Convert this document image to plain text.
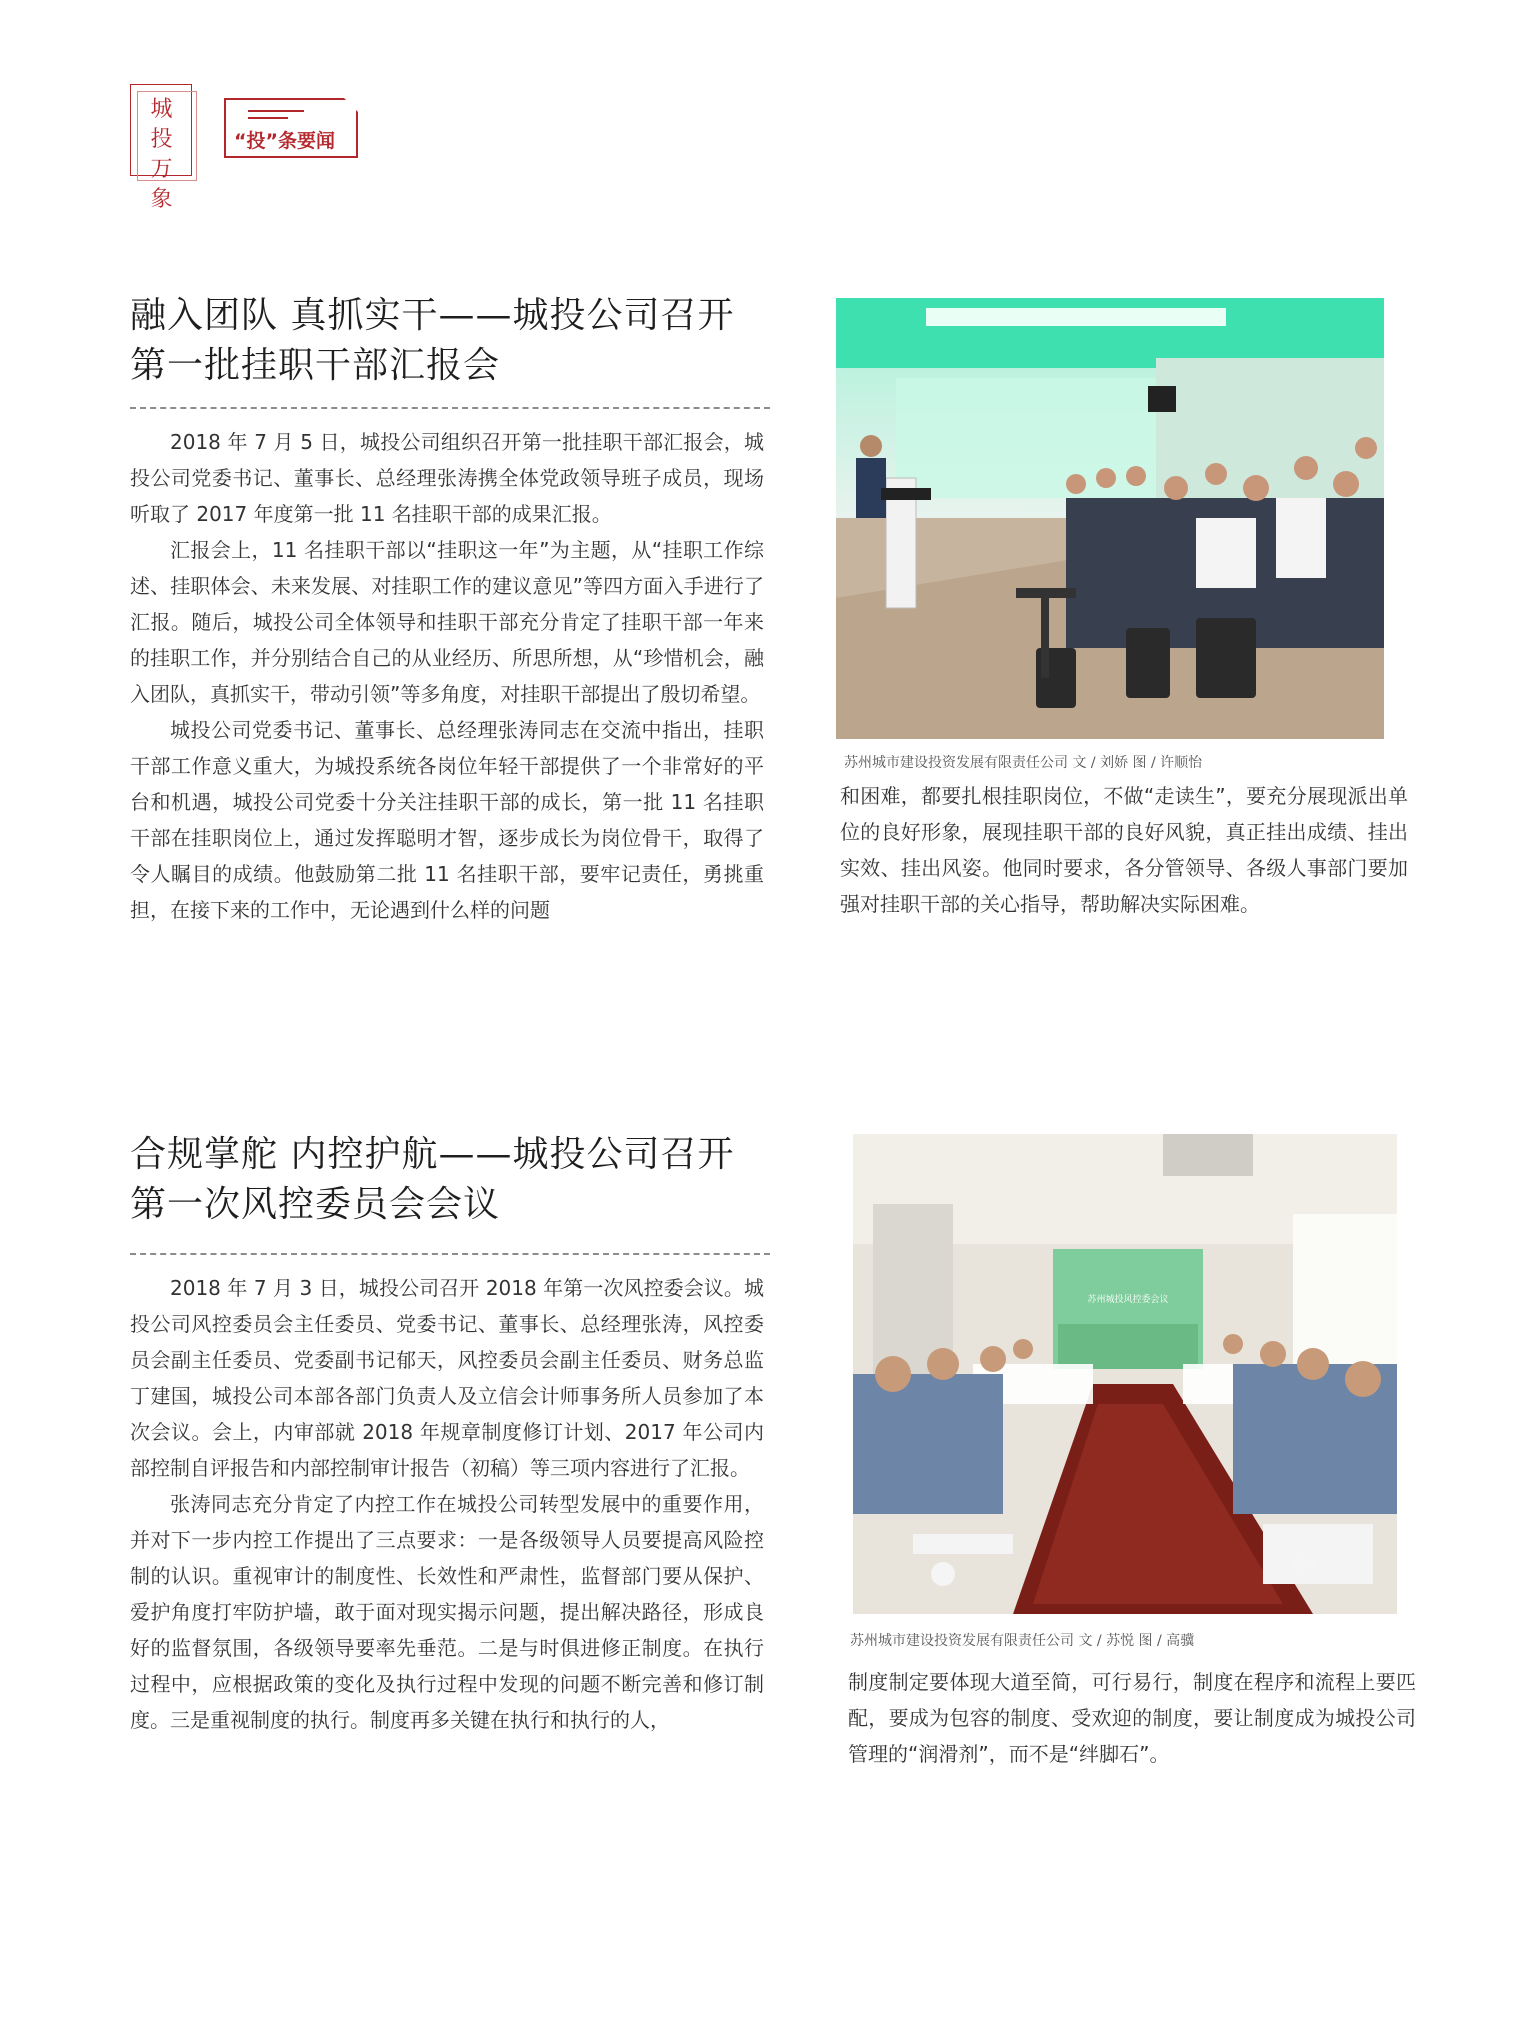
城投
万象
“投”条要闻
融入团队 真抓实干——城投公司召开
第一批挂职干部汇报会

2018 年 7 月 5 日，城投公司组织召开第一批挂职干部汇报会，城投公司党委书记、董事长、总经理张涛携全体党政领导班子成员，现场听取了 2017 年度第一批 11 名挂职干部的成果汇报。

汇报会上，11 名挂职干部以“挂职这一年”为主题，从“挂职工作综述、挂职体会、未来发展、对挂职工作的建议意见”等四方面入手进行了汇报。随后，城投公司全体领导和挂职干部充分肯定了挂职干部一年来的挂职工作，并分别结合自己的从业经历、所思所想，从“珍惜机会，融入团队，真抓实干，带动引领”等多角度，对挂职干部提出了殷切希望。

城投公司党委书记、董事长、总经理张涛同志在交流中指出，挂职干部工作意义重大，为城投系统各岗位年轻干部提供了一个非常好的平台和机遇，城投公司党委十分关注挂职干部的成长，第一批 11 名挂职干部在挂职岗位上，通过发挥聪明才智，逐步成长为岗位骨干，取得了令人瞩目的成绩。他鼓励第二批 11 名挂职干部，要牢记责任，勇挑重担，在接下来的工作中，无论遇到什么样的问题

苏州城市建设投资发展有限责任公司 文 / 刘娇 图 / 许顺怡

和困难，都要扎根挂职岗位，不做“走读生”，要充分展现派出单位的良好形象，展现挂职干部的良好风貌，真正挂出成绩、挂出实效、挂出风姿。他同时要求，各分管领导、各级人事部门要加强对挂职干部的关心指导，帮助解决实际困难。

合规掌舵 内控护航——城投公司召开
第一次风控委员会会议

2018 年 7 月 3 日，城投公司召开 2018 年第一次风控委会议。城投公司风控委员会主任委员、党委书记、董事长、总经理张涛，风控委员会副主任委员、党委副书记郁天，风控委员会副主任委员、财务总监丁建国，城投公司本部各部门负责人及立信会计师事务所人员参加了本次会议。会上，内审部就 2018 年规章制度修订计划、2017 年公司内部控制自评报告和内部控制审计报告（初稿）等三项内容进行了汇报。

张涛同志充分肯定了内控工作在城投公司转型发展中的重要作用，并对下一步内控工作提出了三点要求：一是各级领导人员要提高风险控制的认识。重视审计的制度性、长效性和严肃性，监督部门要从保护、爱护角度打牢防护墙，敢于面对现实揭示问题，提出解决路径，形成良好的监督氛围，各级领导要率先垂范。二是与时俱进修正制度。在执行过程中，应根据政策的变化及执行过程中发现的问题不断完善和修订制度。三是重视制度的执行。制度再多关键在执行和执行的人，

苏州城投风控委会议
苏州城市建设投资发展有限责任公司 文 / 苏悦 图 / 高骥

制度制定要体现大道至简，可行易行，制度在程序和流程上要匹配，要成为包容的制度、受欢迎的制度，要让制度成为城投公司管理的“润滑剂”，而不是“绊脚石”。
